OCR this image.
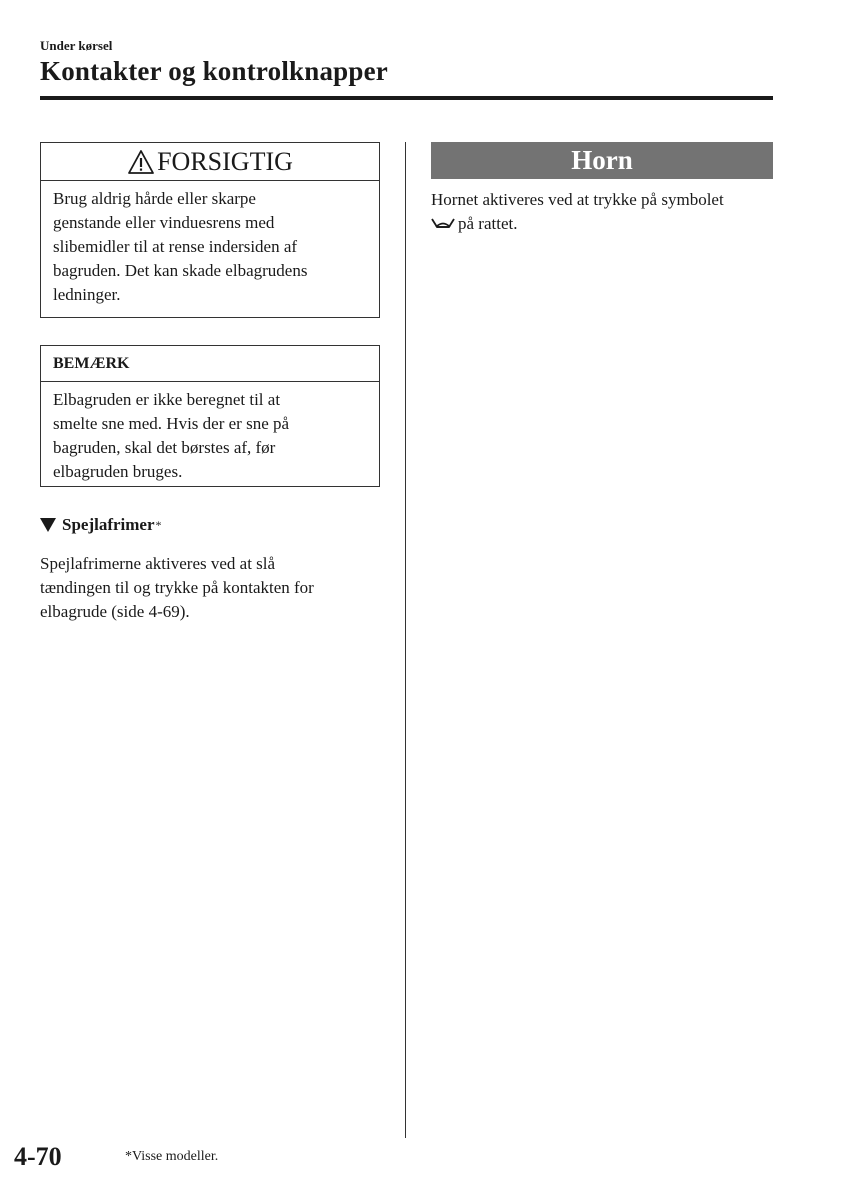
Under kørsel
Kontakter og kontrolknapper
FORSIGTIG
Brug aldrig hårde eller skarpe
genstande eller vinduesrens med
slibemidler til at rense indersiden af
bagruden. Det kan skade elbagrudens
ledninger.
BEMÆRK
Elbagruden er ikke beregnet til at
smelte sne med. Hvis der er sne på
bagruden, skal det børstes af, før
elbagruden bruges.
Spejlafrimer *
Spejlafrimerne aktiveres ved at slå
tændingen til og trykke på kontakten for
elbagrude (side 4-69).
Horn
Hornet aktiveres ved at trykke på symbolet
på rattet.
4-70	*Visse modeller.
